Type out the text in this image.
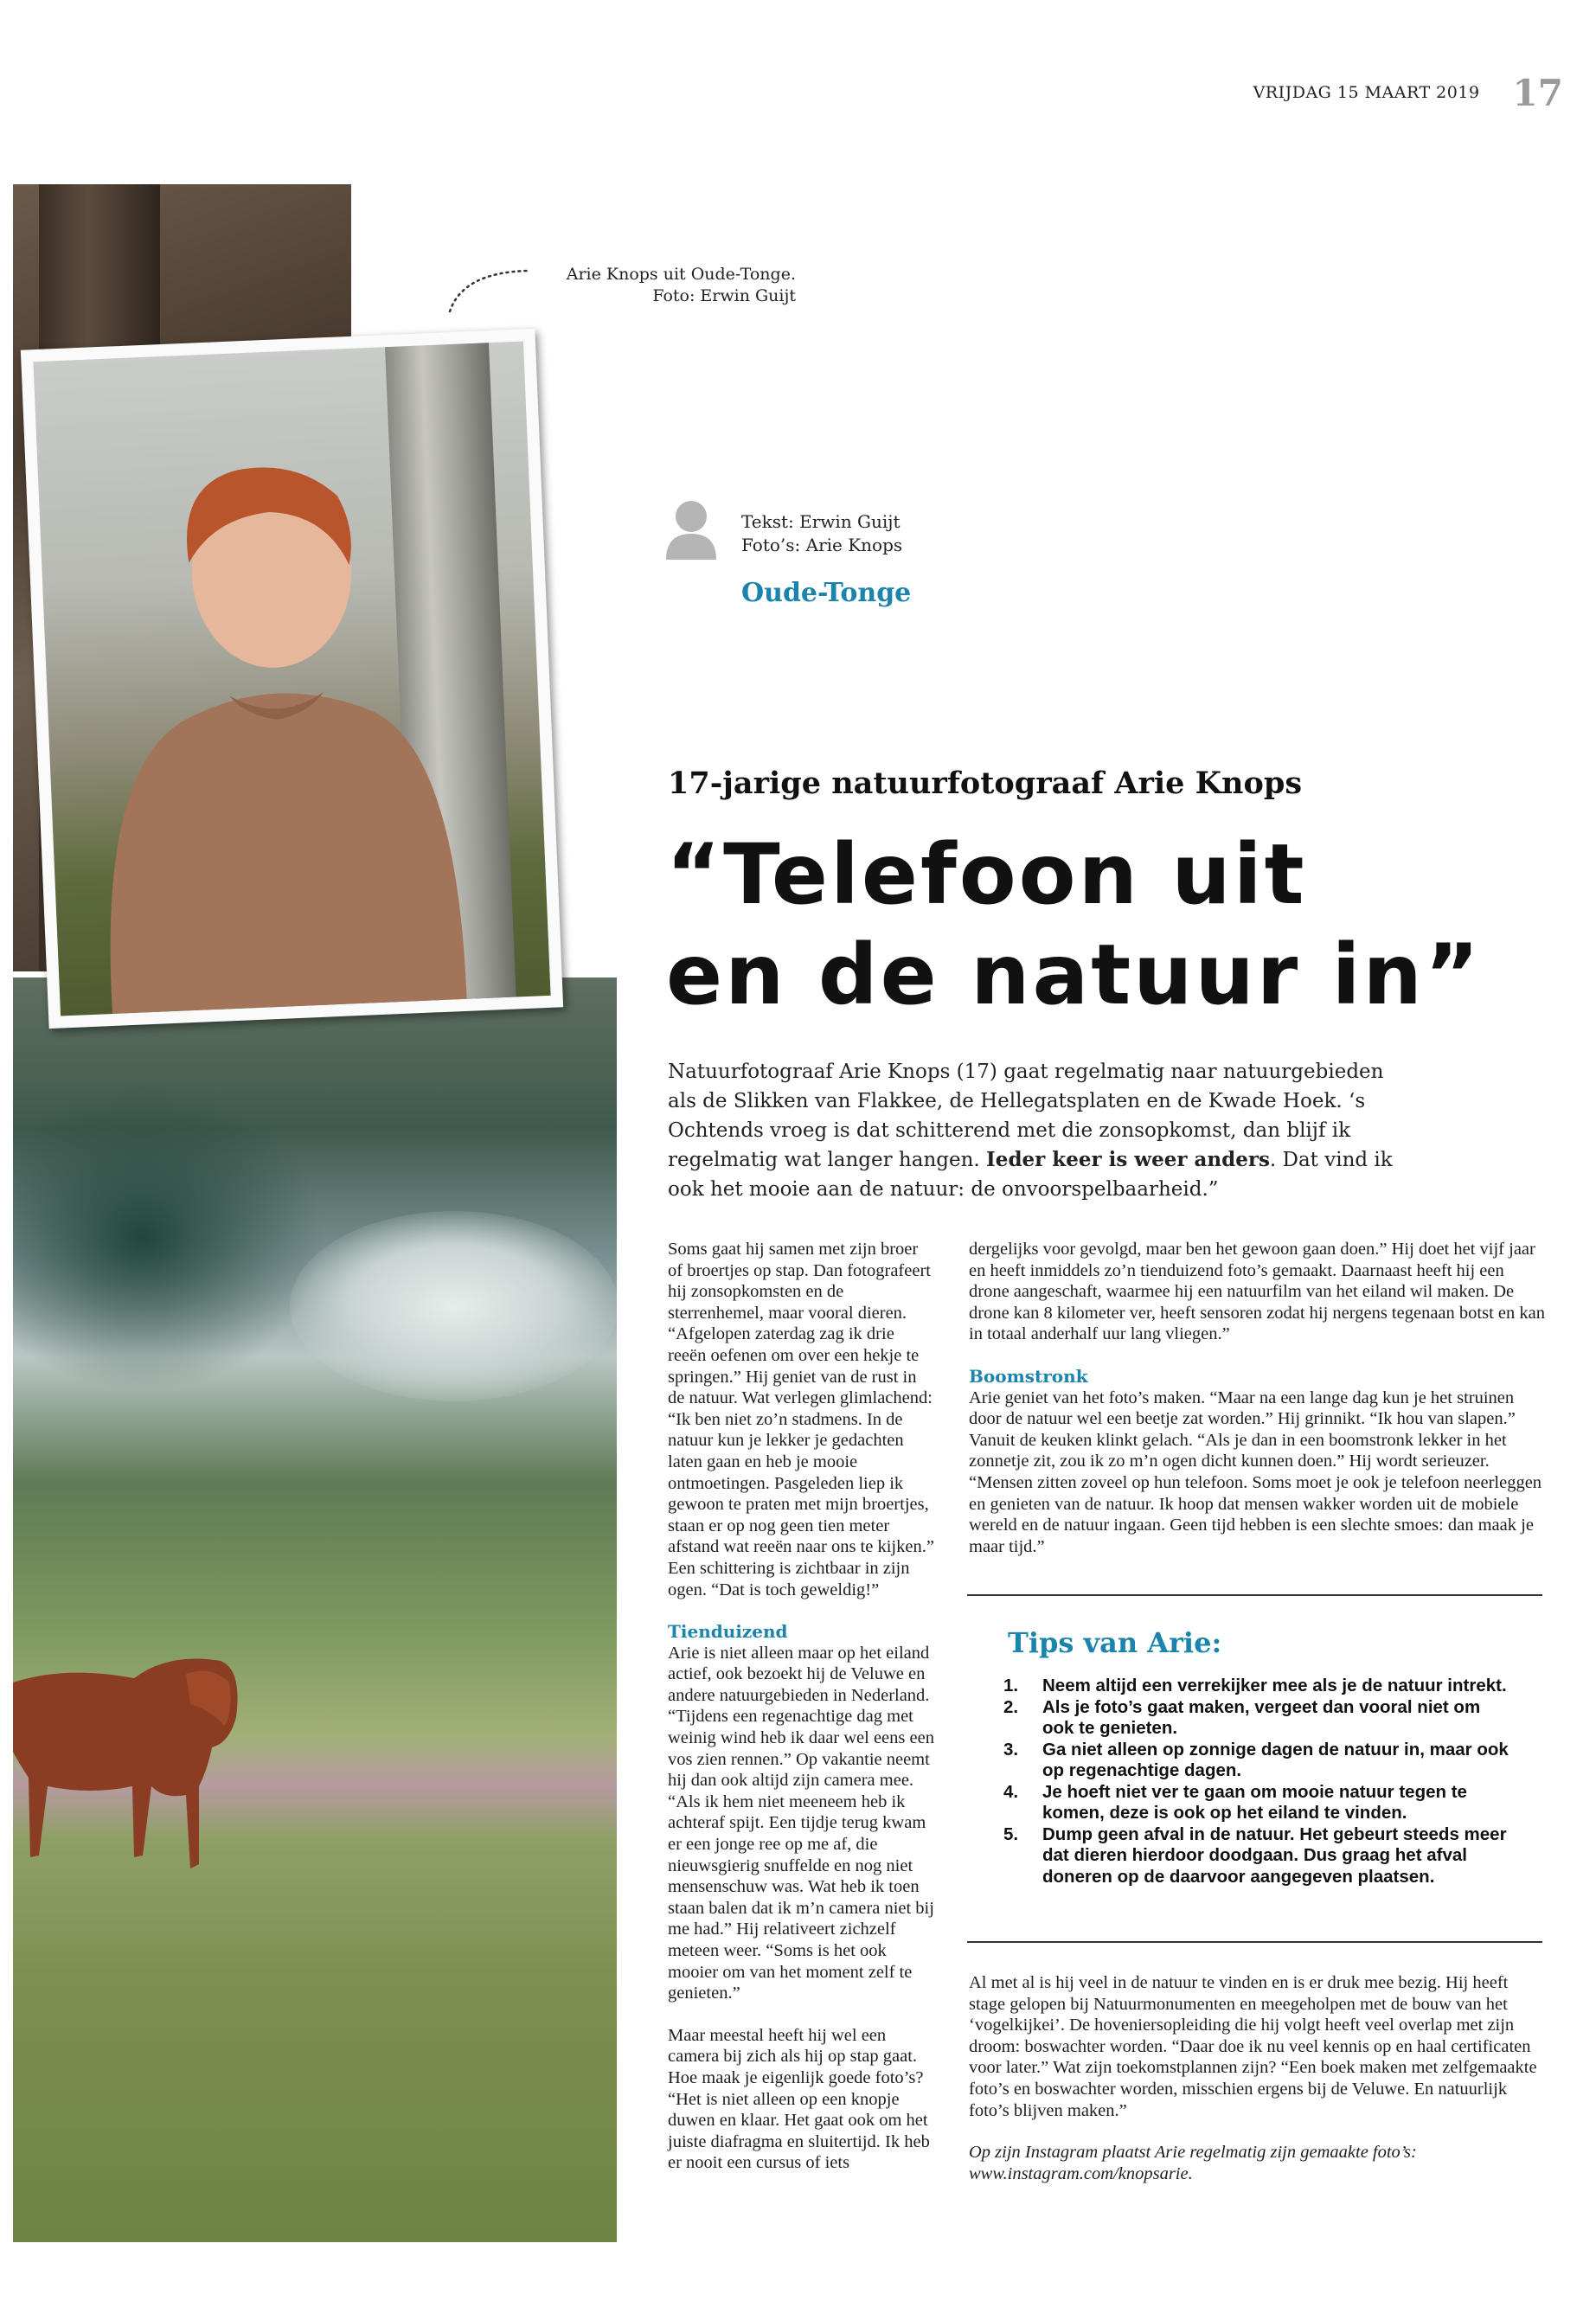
VRIJDAG 15 MAART 2019 17
Arie Knops uit Oude-Tonge.
Foto: Erwin Guijt
Tekst: Erwin Guijt
Foto’s: Arie Knops
Oude-Tonge
17-jarige natuurfotograaf Arie Knops
“Telefoon uit
en de natuur in”
Natuurfotograaf Arie Knops (17) gaat regelmatig naar natuurgebieden als de Slikken van Flakkee, de Hellegatsplaten en de Kwade Hoek. ‘s Ochtends vroeg is dat schitterend met die zonsopkomst, dan blijf ik regelmatig wat langer hangen. Ieder keer is weer anders. Dat vind ik ook het mooie aan de natuur: de onvoorspelbaarheid.”

Soms gaat hij samen met zijn broer of broertjes op stap. Dan fotografeert hij zonsopkomsten en de sterrenhemel, maar vooral dieren. “Afgelopen zaterdag zag ik drie reeën oefenen om over een hekje te springen.” Hij geniet van de rust in de natuur. Wat verlegen glimlachend: “Ik ben niet zo’n stadmens. In de natuur kun je lekker je gedachten laten gaan en heb je mooie ontmoetingen. Pasgeleden liep ik gewoon te praten met mijn broertjes, staan er op nog geen tien meter afstand wat reeën naar ons te kijken.” Een schittering is zichtbaar in zijn ogen. “Dat is toch geweldig!”

Tienduizend

Arie is niet alleen maar op het eiland actief, ook bezoekt hij de Veluwe en andere natuurgebieden in Nederland. “Tijdens een regenachtige dag met weinig wind heb ik daar wel eens een vos zien rennen.” Op vakantie neemt hij dan ook altijd zijn camera mee. “Als ik hem niet meeneem heb ik achteraf spijt. Een tijdje terug kwam er een jonge ree op me af, die nieuwsgierig snuffelde en nog niet mensenschuw was. Wat heb ik toen staan balen dat ik m’n camera niet bij me had.” Hij relativeert zichzelf meteen weer. “Soms is het ook mooier om van het moment zelf te genieten.”

Maar meestal heeft hij wel een camera bij zich als hij op stap gaat. Hoe maak je eigenlijk goede foto’s? “Het is niet alleen op een knopje duwen en klaar. Het gaat ook om het juiste diafragma en sluitertijd. Ik heb er nooit een cursus of iets

dergelijks voor gevolgd, maar ben het gewoon gaan doen.” Hij doet het vijf jaar en heeft inmiddels zo’n tienduizend foto’s gemaakt. Daarnaast heeft hij een drone aangeschaft, waarmee hij een natuurfilm van het eiland wil maken. De drone kan 8 kilometer ver, heeft sensoren zodat hij nergens tegenaan botst en kan in totaal anderhalf uur lang vliegen.”

Boomstronk

Arie geniet van het foto’s maken. “Maar na een lange dag kun je het struinen door de natuur wel een beetje zat worden.” Hij grinnikt. “Ik hou van slapen.” Vanuit de keuken klinkt gelach. “Als je dan in een boomstronk lekker in het zonnetje zit, zou ik zo m’n ogen dicht kunnen doen.” Hij wordt serieuzer. “Mensen zitten zoveel op hun telefoon. Soms moet je ook je telefoon neerleggen en genieten van de natuur. Ik hoop dat mensen wakker worden uit de mobiele wereld en de natuur ingaan. Geen tijd hebben is een slechte smoes: dan maak je maar tijd.”

Tips van Arie:
1.	Neem altijd een verrekijker mee als je de natuur intrekt.
2.	Als je foto’s gaat maken, vergeet dan vooral niet om ook te genieten.
3.	Ga niet alleen op zonnige dagen de natuur in, maar ook op regenachtige dagen.
4.	Je hoeft niet ver te gaan om mooie natuur tegen te komen, deze is ook op het eiland te vinden.
5.	Dump geen afval in de natuur. Het gebeurt steeds meer dat dieren hierdoor doodgaan. Dus graag het afval doneren op de daarvoor aangegeven plaatsen.

Al met al is hij veel in de natuur te vinden en is er druk mee bezig. Hij heeft stage gelopen bij Natuurmonumenten en meegeholpen met de bouw van het ‘vogelkijkei’. De hoveniersopleiding die hij volgt heeft veel overlap met zijn droom: boswachter worden. “Daar doe ik nu veel kennis op en haal certificaten voor later.” Wat zijn toekomstplannen zijn? “Een boek maken met zelfgemaakte foto’s en boswachter worden, misschien ergens bij de Veluwe. En natuurlijk foto’s blijven maken.”

Op zijn Instagram plaatst Arie regelmatig zijn gemaakte foto’s: www.instagram.com/knopsarie.
